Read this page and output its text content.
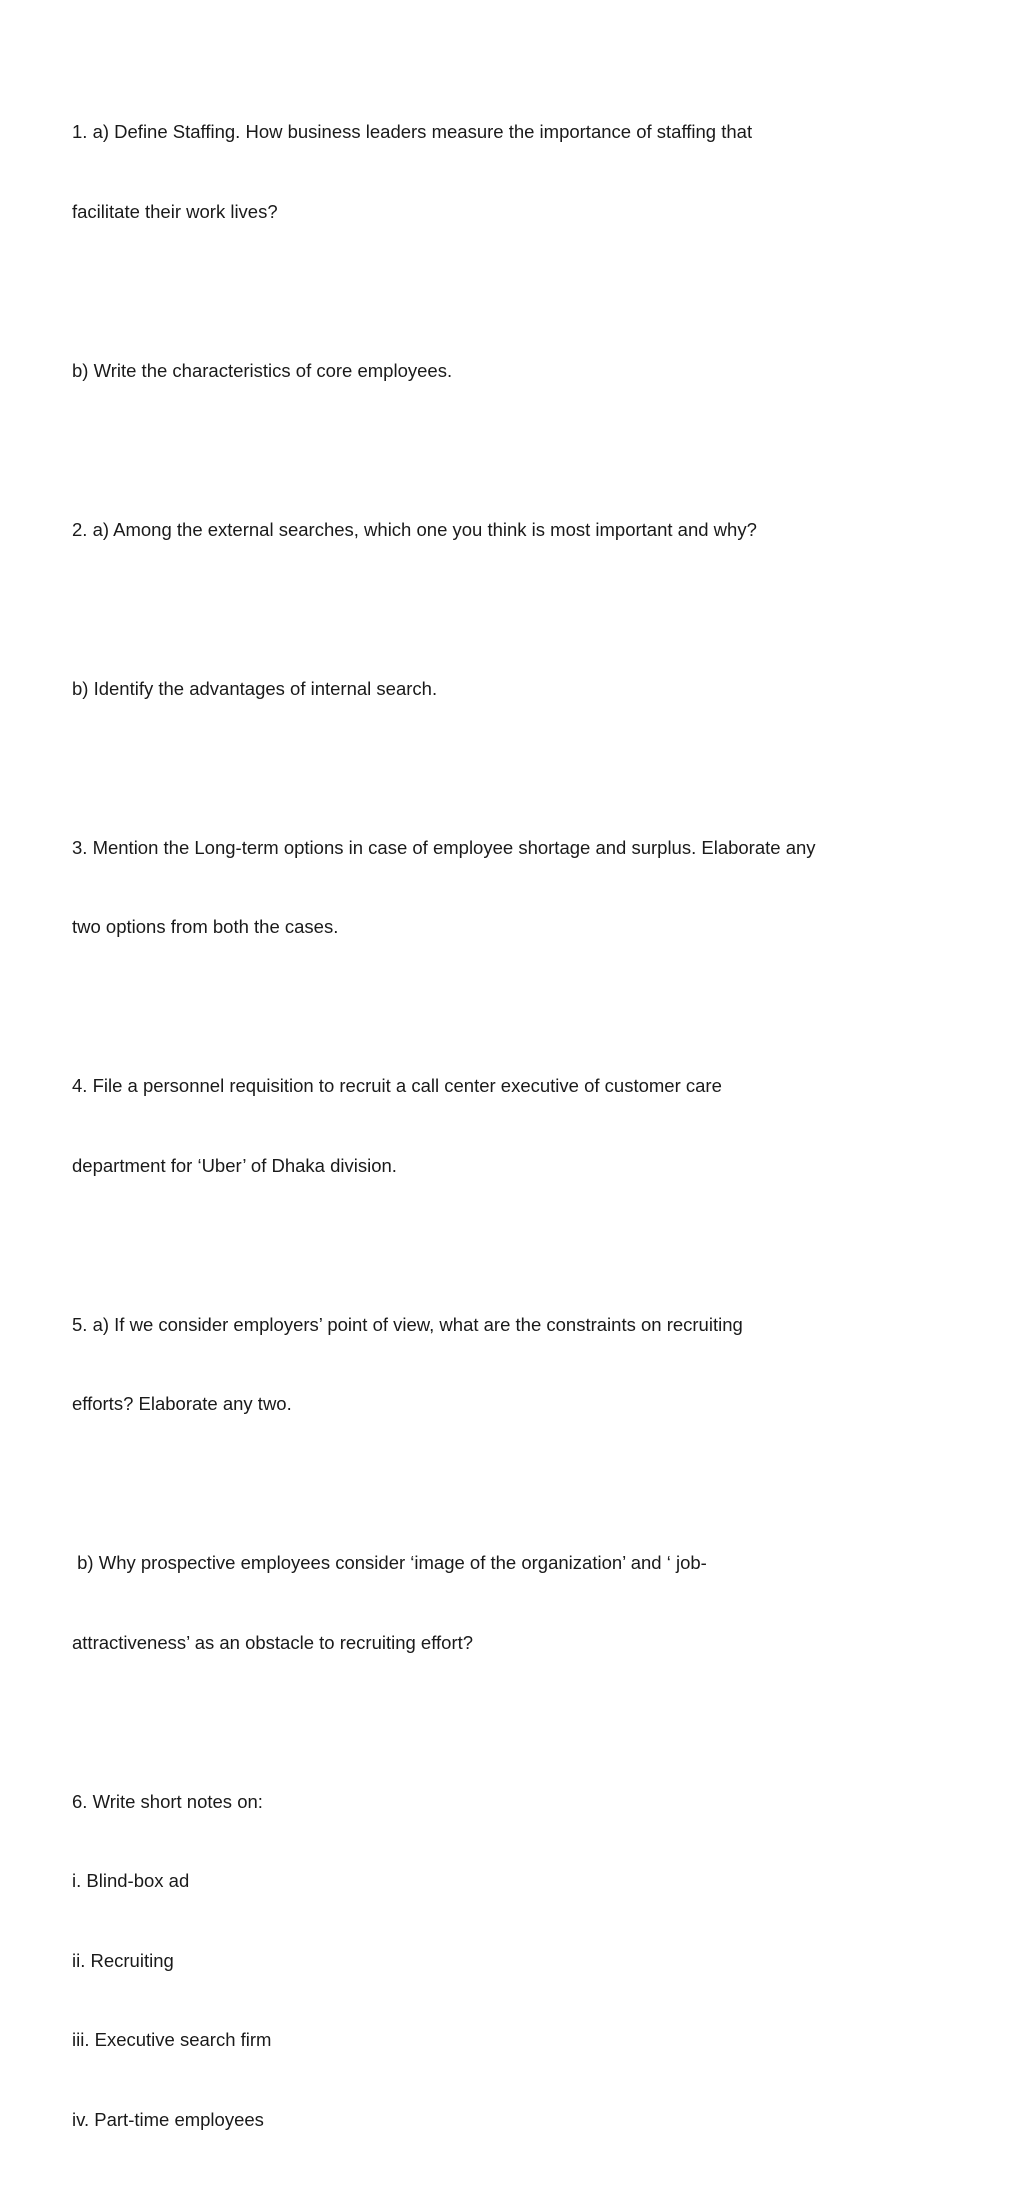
1. a) Define Staffing. How business leaders measure the importance of staffing that

facilitate their work lives?

b) Write the characteristics of core employees.

2. a) Among the external searches, which one you think is most important and why?

b) Identify the advantages of internal search.

3. Mention the Long-term options in case of employee shortage and surplus. Elaborate any

two options from both the cases.

4. File a personnel requisition to recruit a call center executive of customer care

department for ‘Uber’ of Dhaka division.

5. a) If we consider employers’ point of view, what are the constraints on recruiting

efforts? Elaborate any two.

b) Why prospective employees consider ‘image of the organization’ and ‘ job-

attractiveness’ as an obstacle to recruiting effort?

6. Write short notes on:

i. Blind-box ad

ii. Recruiting

iii. Executive search firm

iv. Part-time employees
